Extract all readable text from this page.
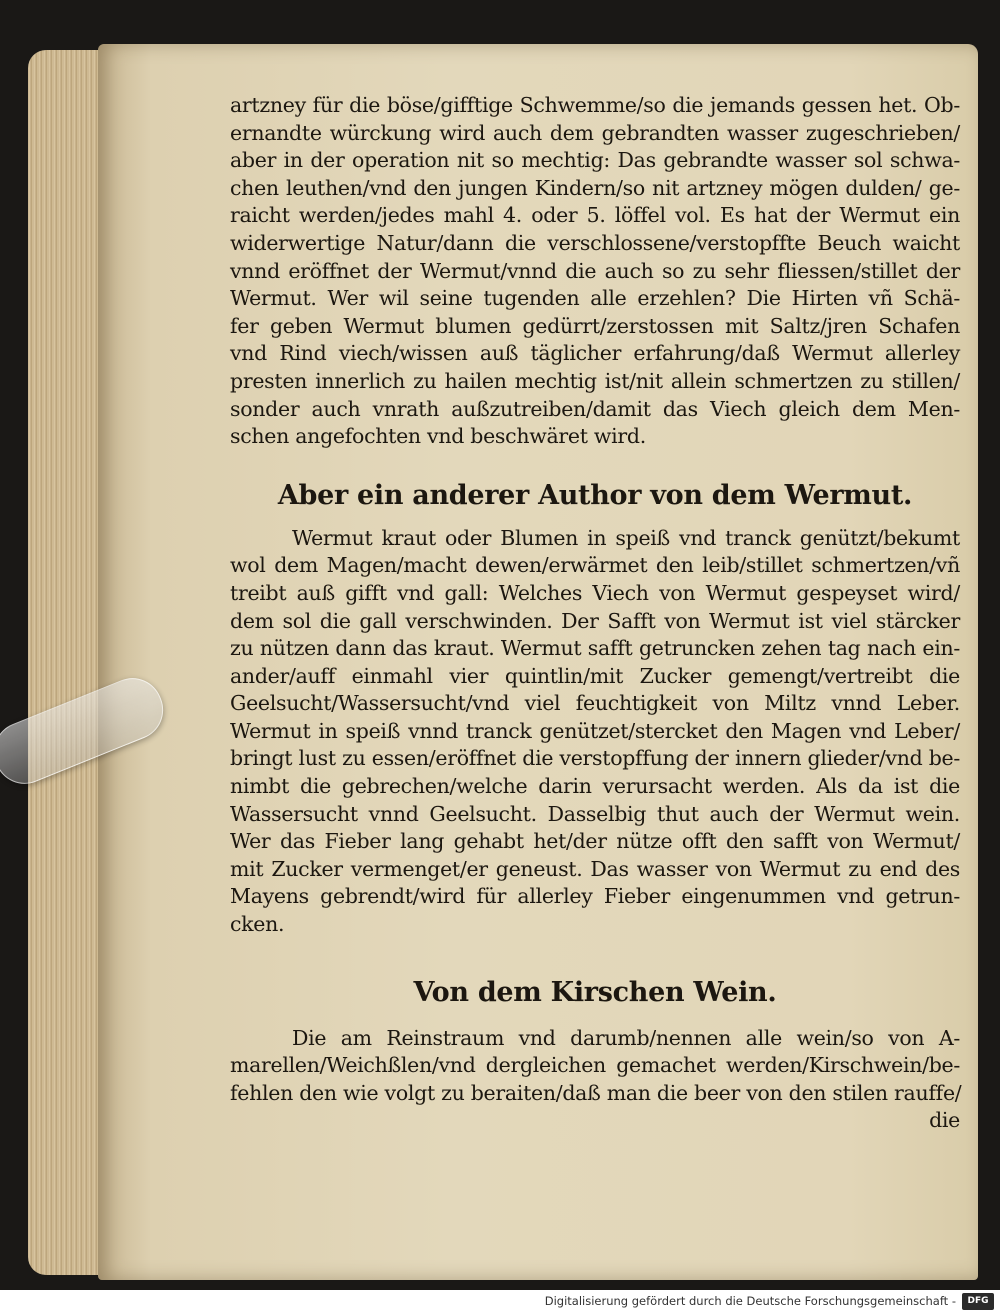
artzney für die böse/gifftige Schwemme/so die jemands gessen het. Ob-
ernandte würckung wird auch dem gebrandten wasser zugeschrieben/
aber in der operation nit so mechtig: Das gebrandte wasser sol schwa-
chen leuthen/vnd den jungen Kindern/so nit artzney mögen dulden/ ge-
raicht werden/jedes mahl 4. oder 5. löffel vol. Es hat der Wermut ein
widerwertige Natur/dann die verschlossene/verstopffte Beuch waicht
vnnd eröffnet der Wermut/vnnd die auch so zu sehr fliessen/stillet der
Wermut. Wer wil seine tugenden alle erzehlen? Die Hirten vñ Schä-
fer geben Wermut blumen gedürrt/zerstossen mit Saltz/jren Schafen
vnd Rind viech/wissen auß täglicher erfahrung/daß Wermut allerley
presten innerlich zu hailen mechtig ist/nit allein schmertzen zu stillen/
sonder auch vnrath außzutreiben/damit das Viech gleich dem Men-
schen angefochten vnd beschwäret wird.
Aber ein anderer Author von dem Wermut.
Wermut kraut oder Blumen in speiß vnd tranck genützt/bekumt
wol dem Magen/macht dewen/erwärmet den leib/stillet schmertzen/vñ
treibt auß gifft vnd gall: Welches Viech von Wermut gespeyset wird/
dem sol die gall verschwinden. Der Safft von Wermut ist viel stärcker
zu nützen dann das kraut. Wermut safft getruncken zehen tag nach ein-
ander/auff einmahl vier quintlin/mit Zucker gemengt/vertreibt die
Geelsucht/Wassersucht/vnd viel feuchtigkeit von Miltz vnnd Leber.
Wermut in speiß vnnd tranck genützet/stercket den Magen vnd Leber/
bringt lust zu essen/eröffnet die verstopffung der innern glieder/vnd be-
nimbt die gebrechen/welche darin verursacht werden. Als da ist die
Wassersucht vnnd Geelsucht. Dasselbig thut auch der Wermut wein.
Wer das Fieber lang gehabt het/der nütze offt den safft von Wermut/
mit Zucker vermenget/er geneust. Das wasser von Wermut zu end des
Mayens gebrendt/wird für allerley Fieber eingenummen vnd getrun-
cken.
Von dem Kirschen Wein.
Die am Reinstraum vnd darumb/nennen alle wein/so von A-
marellen/Weichßlen/vnd dergleichen gemachet werden/Kirschwein/be-
fehlen den wie volgt zu beraiten/daß man die beer von den stilen rauffe/
die
Digitalisierung gefördert durch die Deutsche Forschungsgemeinschaft -	DFG
